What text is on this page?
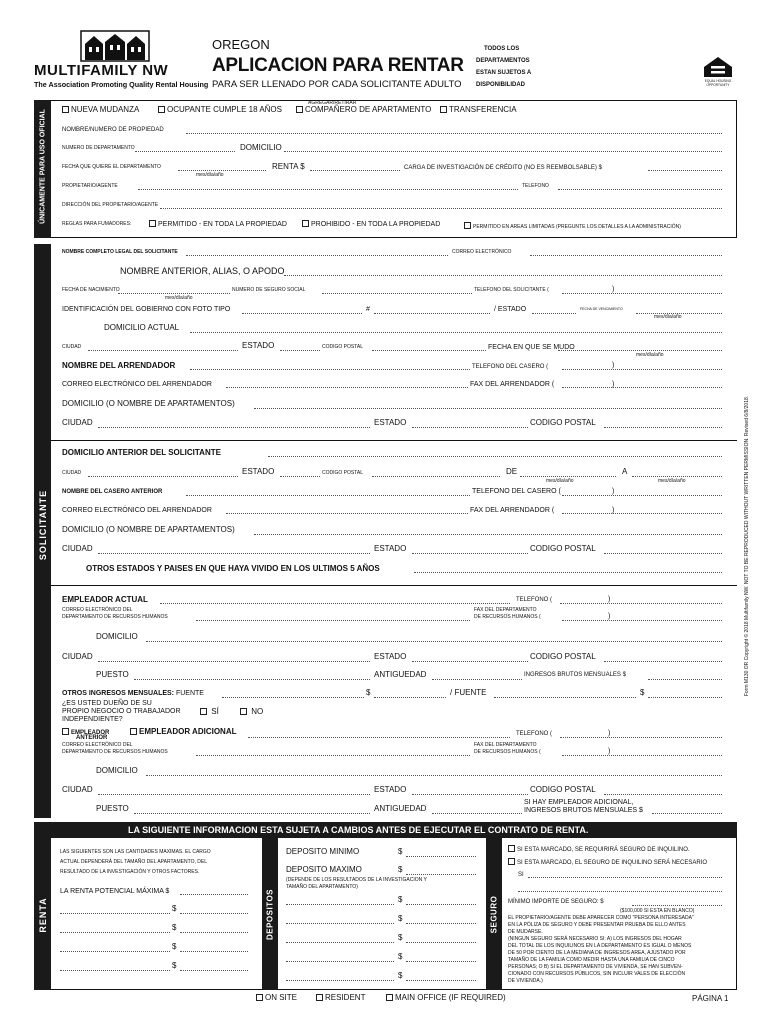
MULTIFAMILY NW
The Association Promoting Quality Rental Housing
OREGON
APLICACION PARA RENTAR
PARA SER LLENADO POR CADA SOLICITANTE ADULTO
TODOS LOS
DEPARTAMENTOS
ESTAN SUJETOS A
DISPONIBILIDAD
EQUAL HOUSING OPPORTUNITY
ÚNICAMENTE PARA USO OFICIAL
AGREGAR/RETIRAR
NUEVA MUDANZA	OCUPANTE CUMPLE 18 AÑOS	COMPAÑERO DE APARTAMENTO	TRANSFERENCIA
NOMBRE/NUMERO DE PROPIEDAD
NUMERO DE DEPARTAMENTO	DOMICILIO
FECHA QUE QUIERE EL DEPARTAMENTO
mes/día/año
RENTA $	CARGA DE INVESTIGACIÓN DE CRÉDITO (NO ES REEMBOLSABLE) $
PROPIETARIO/AGENTE	TELEFONO
DIRECCIÓN DEL PROPIETARIO/AGENTE
REGLAS PARA FUMADORES:	PERMITIDO - EN TODA LA PROPIEDAD	PROHIBIDO - EN TODA LA PROPIEDAD	PERMITIDO EN AREAS LIMITADAS (PREGUNTE LOS DETALLES A LA ADMINISTRACIÓN)
SOLICITANTE	Form M130 OR Copyright © 2018 Multifamily NW. NOT TO BE REPRODUCED WITHOUT WRITTEN PERMISSION. Revised 6/8/2018.
NOMBRE COMPLETO LEGAL DEL SOLICITANTE	CORREO ELECTRÓNICO
NOMBRE ANTERIOR, ALIAS, O APODO
FECHA DE NACIMIENTO
mes/día/año
NUMERO DE SEGURO SOCIAL	TELEFONO DEL SOLICITANTE (	)
IDENTIFICACIÓN DEL GOBIERNO CON FOTO TIPO	#	/ ESTADO	FECHA DE VENCIMIENTO
mes/día/año
DOMICILIO ACTUAL
CIUDAD	ESTADO	CODIGO POSTAL	FECHA EN QUE SE MUDO
mes/día/año
NOMBRE DEL ARRENDADOR	TELEFONO DEL CASERO (	)
CORREO ELECTRÓNICO DEL ARRENDADOR	FAX DEL ARRENDADOR (	)
DOMICILIO (O NOMBRE DE APARTAMENTOS)
CIUDAD	ESTADO	CODIGO POSTAL
DOMICILIO ANTERIOR DEL SOLICITANTE
CIUDAD	ESTADO	CODIGO POSTAL	DE
mes/día/año
A
mes/día/año
NOMBRE DEL CASERO ANTERIOR	TELEFONO DEL CASERO (	)
CORREO ELECTRÓNICO DEL ARRENDADOR	FAX DEL ARRENDADOR (	)
DOMICILIO (O NOMBRE DE APARTAMENTOS)
CIUDAD	ESTADO	CODIGO POSTAL
OTROS ESTADOS Y PAISES EN QUE HAYA VIVIDO EN LOS ULTIMOS 5 AÑOS
EMPLEADOR ACTUAL	TELEFONO (	)
CORREO ELECTRÓNICO DEL
DEPARTAMENTO DE RECURSOS HUMANOS
FAX DEL DEPARTAMENTO
DE RECURSOS HUMANOS (	)
DOMICILIO
CIUDAD	ESTADO	CODIGO POSTAL
PUESTO	ANTIGUEDAD	INGRESOS BRUTOS MENSUALES $
OTROS INGRESOS MENSUALES: FUENTE	$	/ FUENTE	$
¿ES USTED DUEÑO DE SU
PROPIO NEGOCIO O TRABAJADOR
INDEPENDIENTE?
SÍ	NO
EMPLEADOR
ANTERIOR
EMPLEADOR ADICIONAL	TELEFONO (	)
CORREO ELECTRÓNICO DEL
DEPARTAMENTO DE RECURSOS HUMANOS
FAX DEL DEPARTAMENTO
DE RECURSOS HUMANOS (	)
DOMICILIO
CIUDAD	ESTADO	CODIGO POSTAL
PUESTO	ANTIGUEDAD
SI HAY EMPLEADOR ADICIONAL,
INGRESOS BRUTOS MENSUALES $
LA SIGUIENTE INFORMACION ESTA SUJETA A CAMBIOS ANTES DE EJECUTAR EL CONTRATO DE RENTA.
RENTA
LAS SIGUIENTES SON LAS CANTIDADES MAXIMAS. EL CARGO
ACTUAL DEPENDERÁ DEL TAMAÑO DEL APARTAMENTO, DEL
RESULTADO DE LA INVESTIGACIÓN Y OTROS FACTORES.
LA RENTA POTENCIAL MÁXIMA $
$
$
$
$
DEPOSITOS
DEPOSITO MINIMO	$
DEPOSITO MAXIMO	$
(DEPENDE DE LOS RESULTADOS DE LA INVESTIGACION Y
TAMAÑO DEL APARTAMENTO)
$
$
$
$
$
SEGURO
SI ESTA MARCADO, SE REQUIRIRÁ SEGURO DE INQUILINO.
SI ESTA MARCADO, EL SEGURO DE INQUILINO SERÁ NECESARIO
SI
MÍNIMO IMPORTE DE SEGURO: $
($100,000 SI ESTA EN BLANCO)
EL PROPIETARIO/AGENTE DEBE APARECER COMO "PERSONA INTERESADA"
EN LA PÓLIZA DE SEGURO Y DEBE PRESENTAR PRUEBA DE ELLO ANTES
DE MUDARSE.
(NINGUN SEGURO SERÁ NECESARIO SI: A) LOS INGRESOS DEL HOGAR
DEL TOTAL DE LOS INQUILINOS EN LA DEPARTAMENTO ES IGUAL O MENOS
DE 50 POR CIENTO DE LA MEDIANA DE INGRESOS AREA, AJUSTADO POR
TAMAÑO DE LA FAMILIA COMO MEDIR HASTA UNA FAMILIA DE CINCO
PERSONAS; O B) SI EL DEPARTAMENTO DE VIVIENDA, SE HAN SUBVEN-
CIONADO CON RECURSOS PÚBLICOS, SIN INCLUIR VALES DE ELECCIÓN
DE VIVIENDA.)
ON SITE	RESIDENT	MAIN OFFICE (IF REQUIRED)	PÁGINA 1
